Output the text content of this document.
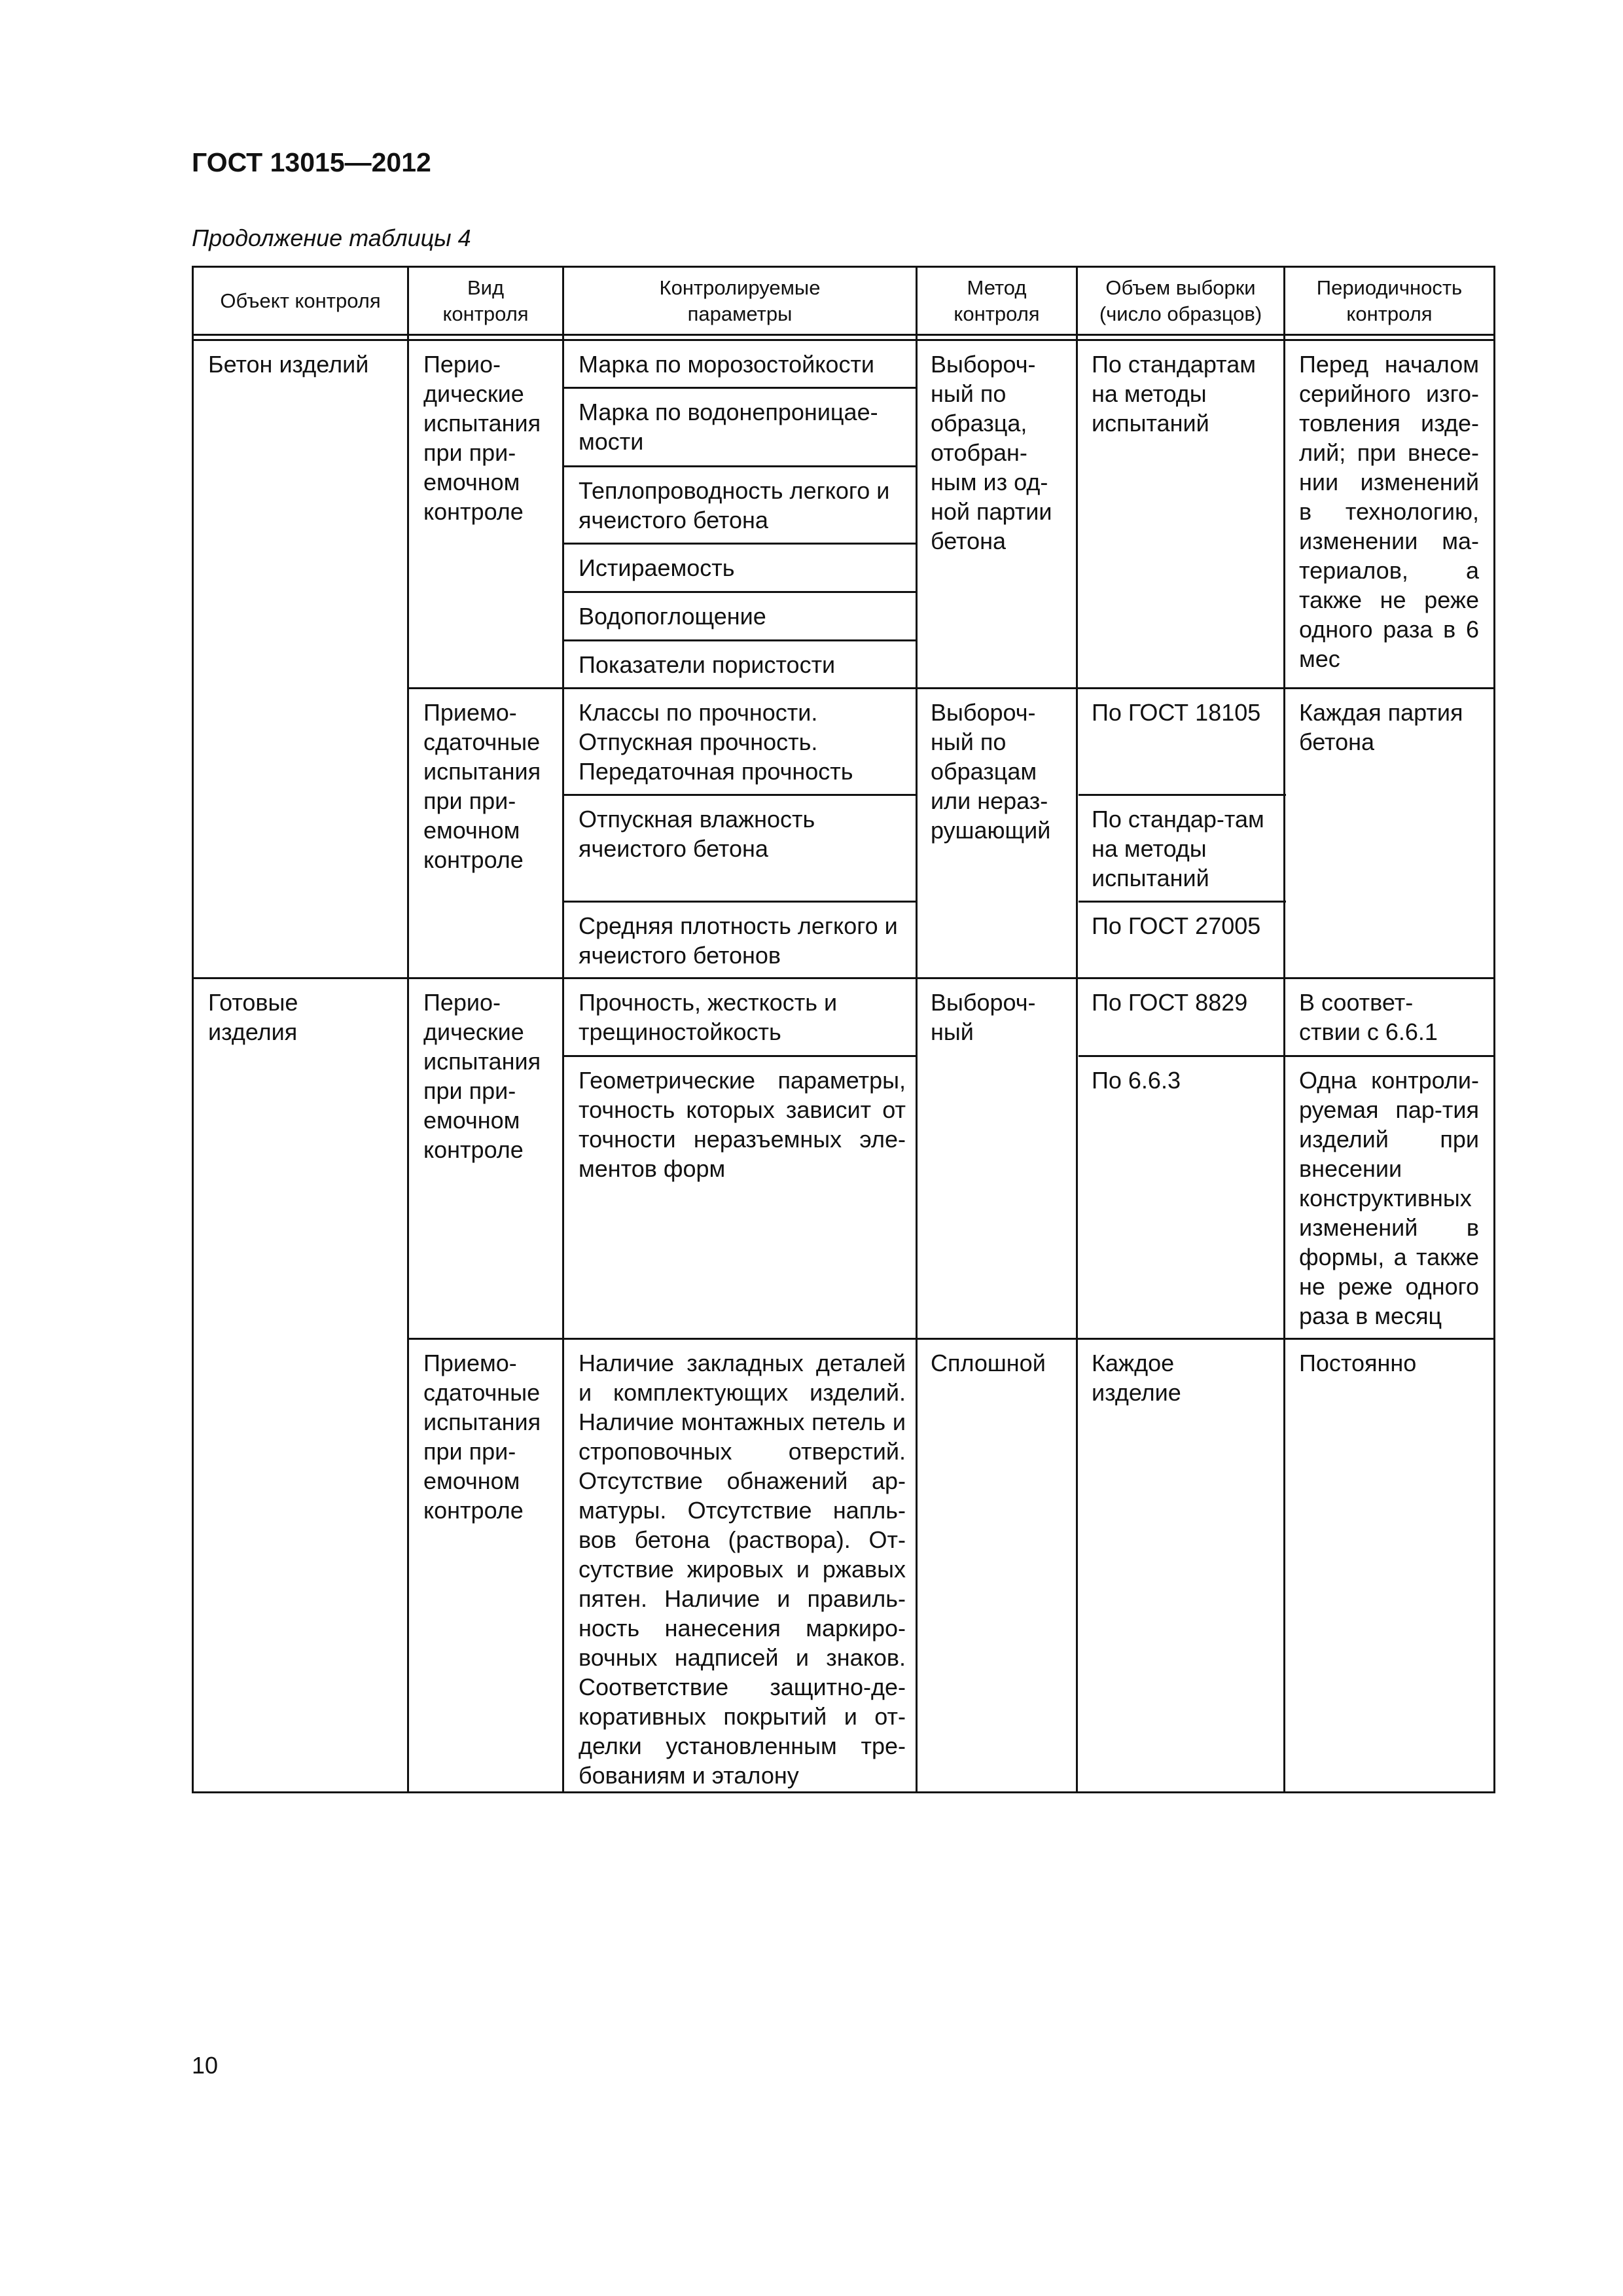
ГОСТ 13015—2012
Продолжение таблицы 4
Объект контроля
Вид контроля
Контролируемые параметры
Метод контроля
Объем выборки (число образцов)
Периодичность контроля
Бетон изделий
Готовые изделия
Перио-дические испытания при при-емочном контроле
Приемо-сдаточные испытания при при-емочном контроле
Перио-дические испытания при при-емочном контроле
Приемо-сдаточные испытания при при-емочном контроле
Марка по морозостойкости
Марка по водонепроницае-мости
Теплопроводность легкого и ячеистого бетона
Истираемость
Водопоглощение
Показатели пористости
Классы по прочности. Отпускная прочность. Передаточная прочность
Отпускная влажность ячеистого бетона
Средняя плотность легкого и ячеистого бетонов
Прочность, жесткость и трещиностойкость
Геометрические параметры, точность которых зависит от точности неразъемных эле-ментов форм
Наличие закладных деталей и комплектующих изделий. Наличие монтажных петель и строповочных отверстий. Отсутствие обнажений ар-матуры. Отсутствие напль-вов бетона (раствора). От-сутствие жировых и ржавых пятен. Наличие и правиль-ность нанесения маркиро-вочных надписей и знаков. Соответствие защитно-де-коративных покрытий и от-делки установленным тре-бованиям и эталону
Выбороч-ный по образца, отобран-ным из од-ной партии бетона
Выбороч-ный по образцам или нераз-рушающий
Выбороч-ный
Сплошной
По стандартам на методы испытаний
По ГОСТ 18105
По стандар-там на методы испытаний
По ГОСТ 27005
По ГОСТ 8829
По 6.6.3
Каждое изделие
Перед началом серийного изго-товления изде-лий; при внесе-нии изменений в технологию, изменении ма-териалов, а также не реже одного раза в 6 мес
Каждая партия бетона
В соответ-ствии с 6.6.1
Одна контроли-руемая пар-тия изделий при внесении конструктивных изменений в формы, а также не реже одного раза в месяц
Постоянно
10
